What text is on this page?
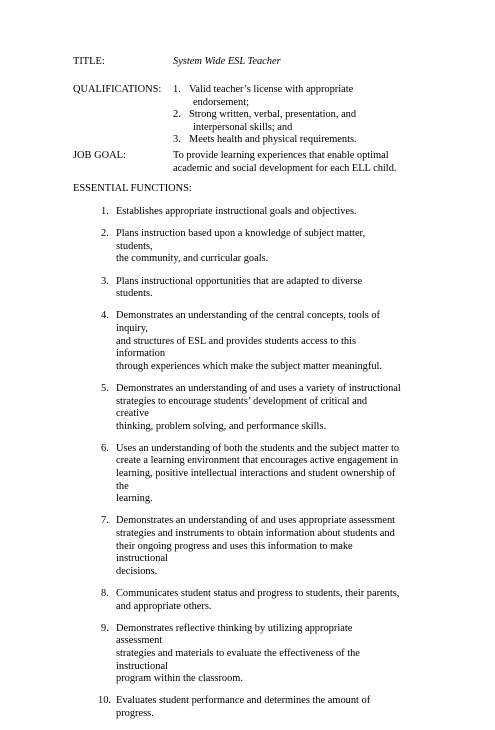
TITLE:	System Wide ESL Teacher
QUALIFICATIONS: 1. Valid teacher’s license with appropriate
endorsement;
2. Strong written, verbal, presentation, and
interpersonal skills; and
3. Meets health and physical requirements.
JOB GOAL:	To provide learning experiences that enable optimal
academic and social development for each ELL child.
ESSENTIAL FUNCTIONS:
1. Establishes appropriate instructional goals and objectives.
2. Plans instruction based upon a knowledge of subject matter, students,
the community, and curricular goals.
3. Plans instructional opportunities that are adapted to diverse students.
4. Demonstrates an understanding of the central concepts, tools of inquiry,
and structures of ESL and provides students access to this information
through experiences which make the subject matter meaningful.
5. Demonstrates an understanding of and uses a variety of instructional
strategies to encourage students’ development of critical and creative
thinking, problem solving, and performance skills.
6. Uses an understanding of both the students and the subject matter to
create a learning environment that encourages active engagement in
learning, positive intellectual interactions and student ownership of the
learning.
7. Demonstrates an understanding of and uses appropriate assessment
strategies and instruments to obtain information about students and
their ongoing progress and uses this information to make instructional
decisions.
8. Communicates student status and progress to students, their parents,
and appropriate others.
9. Demonstrates reflective thinking by utilizing appropriate assessment
strategies and materials to evaluate the effectiveness of the instructional
program within the classroom.
10. Evaluates student performance and determines the amount of progress.
